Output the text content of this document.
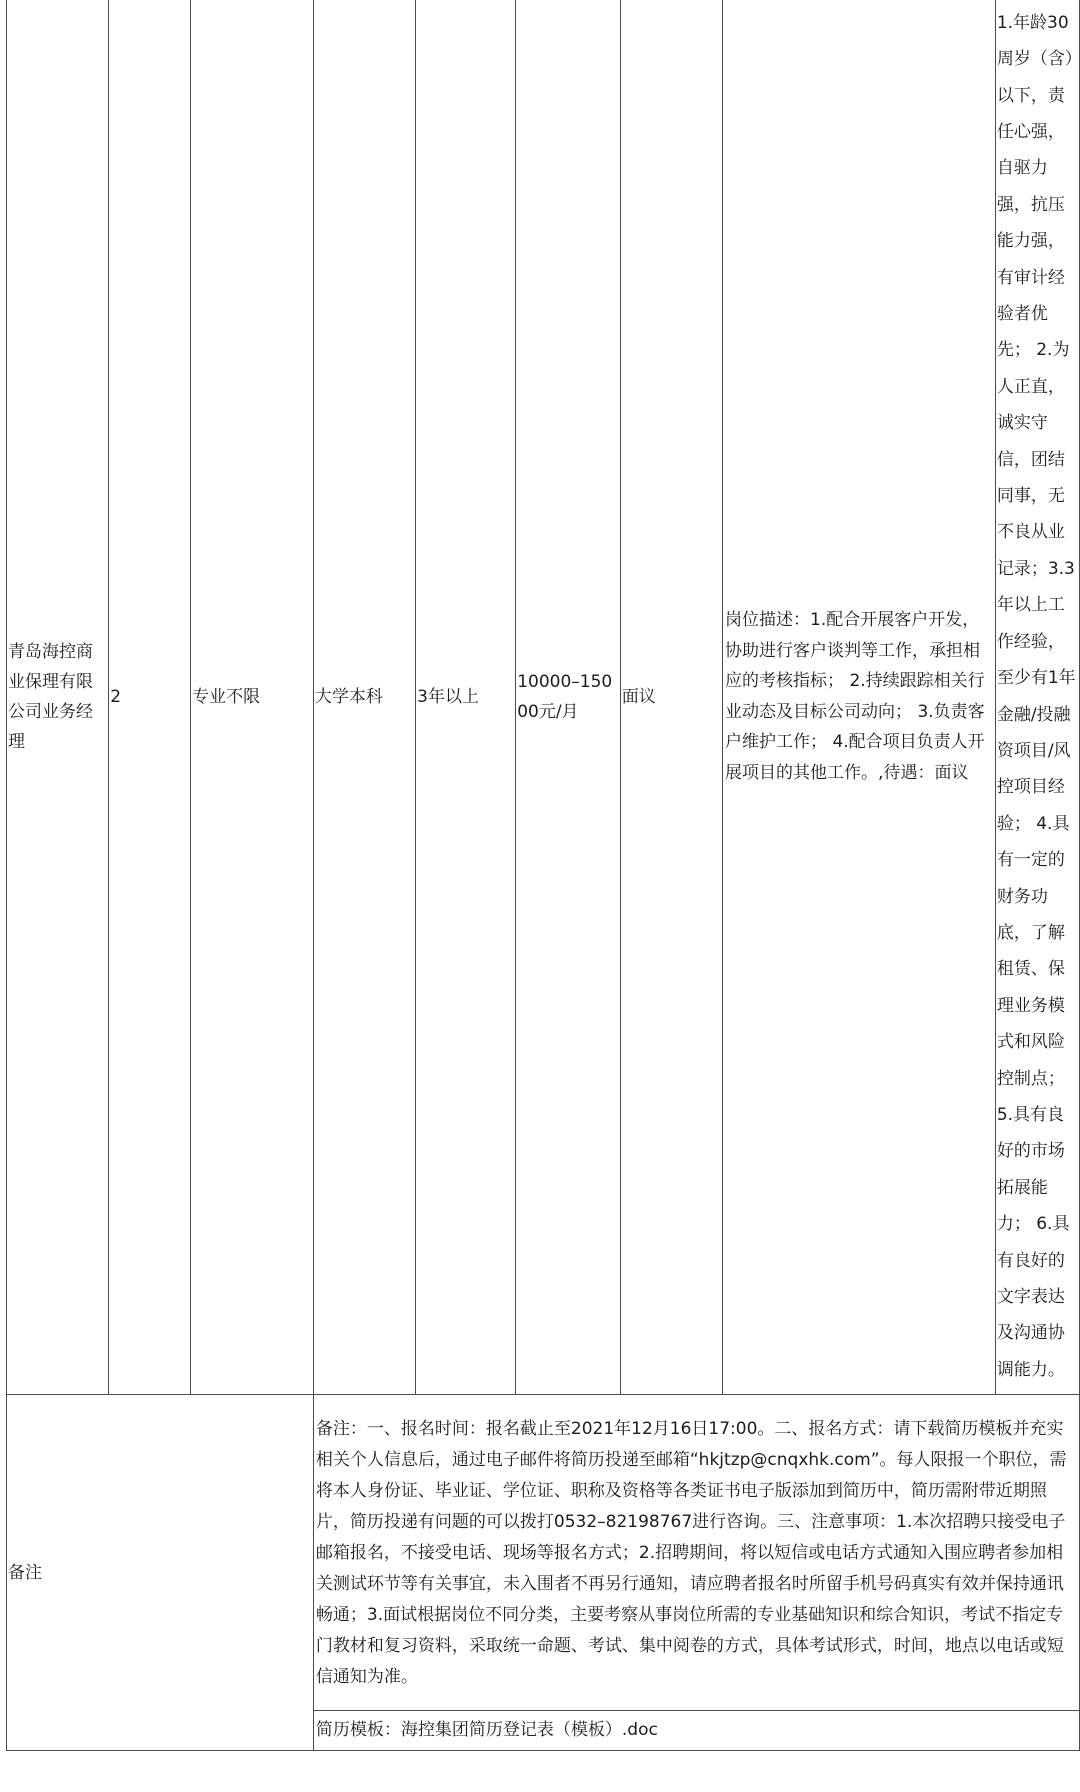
青岛海控商业保理有限公司业务经理	2	专业不限	大学本科	3年以上	10000–15000元/月	面议	岗位描述：1.配合开展客户开发，协助进行客户谈判等工作，承担相应的考核指标； 2.持续跟踪相关行业动态及目标公司动向； 3.负责客户维护工作； 4.配合项目负责人开展项目的其他工作。,待遇：面议	1.年龄30周岁（含）以下，责任心强，自驱力强，抗压能力强，有审计经验者优先； 2.为人正直，诚实守信，团结同事，无不良从业记录；3.3年以上工作经验，至少有1年金融/投融资项目/风控项目经验； 4.具有一定的财务功底，了解租赁、保理业务模式和风险控制点；5.具有良好的市场拓展能力； 6.具有良好的文字表达及沟通协调能力。

备注			备注：一、报名时间：报名截止至2021年12月16日17:00。二、报名方式：请下载简历模板并充实相关个人信息后，通过电子邮件将简历投递至邮箱“hkjtzp@cnqxhk.com”。每人限报一个职位，需将本人身份证、毕业证、学位证、职称及资格等各类证书电子版添加到简历中，简历需附带近期照片，简历投递有问题的可以拨打0532–82198767进行咨询。三、注意事项：1.本次招聘只接受电子邮箱报名，不接受电话、现场等报名方式；2.招聘期间，将以短信或电话方式通知入围应聘者参加相关测试环节等有关事宜，未入围者不再另行通知，请应聘者报名时所留手机号码真实有效并保持通讯畅通；3.面试根据岗位不同分类，主要考察从事岗位所需的专业基础知识和综合知识，考试不指定专门教材和复习资料，采取统一命题、考试、集中阅卷的方式，具体考试形式，时间，地点以电话或短信通知为准。					

			简历模板：海控集团简历登记表（模板）.doc					
